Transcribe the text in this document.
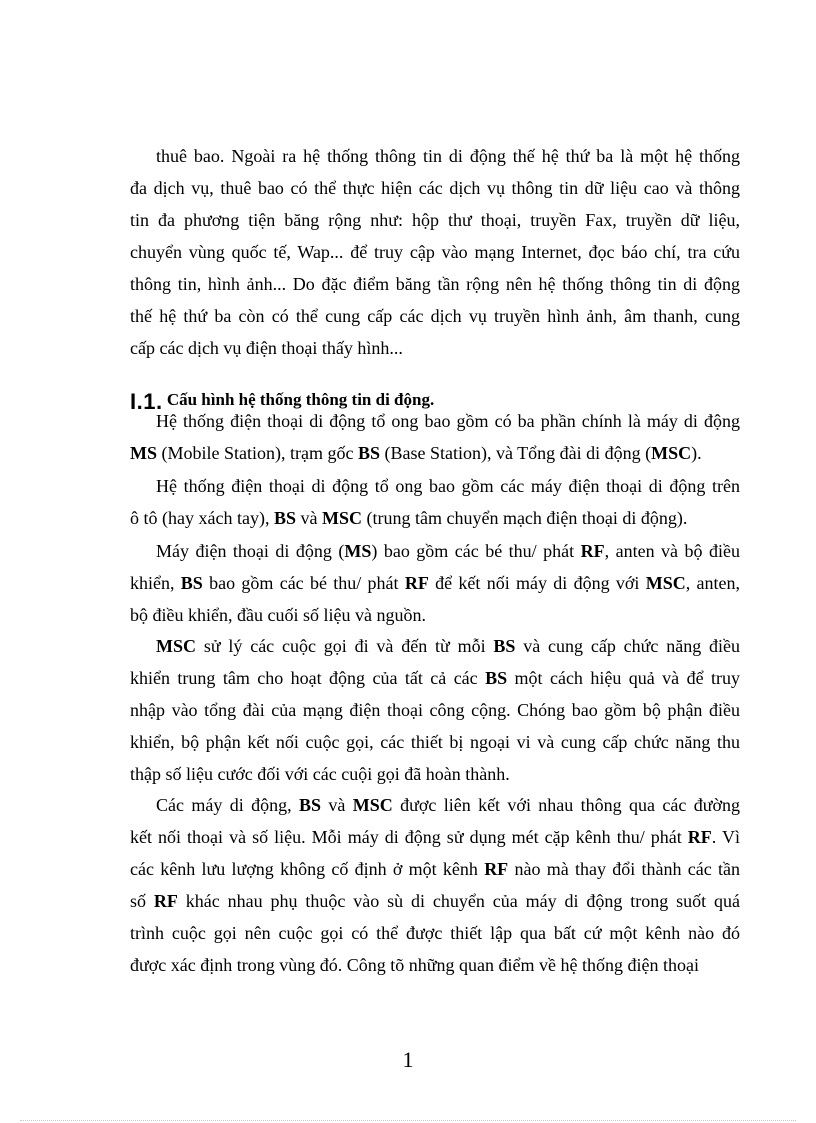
thuê bao. Ngoài ra hệ thống thông tin di động thế hệ thứ ba là một hệ thống
đa dịch vụ, thuê bao có thể thực hiện các dịch vụ thông tin dữ liệu cao và thông
tin đa phương tiện băng rộng như: hộp thư thoại, truyền Fax, truyền dữ liệu,
chuyển vùng quốc tế, Wap... để truy cập vào mạng Internet, đọc báo chí, tra cứu
thông tin, hình ảnh... Do đặc điểm băng tần rộng nên hệ thống thông tin di động
thế hệ thứ ba còn có thể cung cấp các dịch vụ truyền hình ảnh, âm thanh, cung
cấp các dịch vụ điện thoại thấy hình...
I.1. Cấu hình hệ thống thông tin di động.
Hệ thống điện thoại di động tổ ong bao gồm có ba phần chính là máy di động
MS (Mobile Station), trạm gốc BS (Base Station), và Tổng đài di động (MSC).
Hệ thống điện thoại di động tổ ong bao gồm các máy điện thoại di động trên
ô tô (hay xách tay), BS và MSC (trung tâm chuyển mạch điện thoại di động).
Máy điện thoại di động (MS) bao gồm các bé thu/ phát RF, anten và bộ điều
khiển, BS bao gồm các bé thu/ phát RF để kết nối máy di động với MSC, anten,
bộ điều khiển, đầu cuối số liệu và nguồn.
MSC sử lý các cuộc gọi đi và đến từ mỗi BS và cung cấp chức năng điều
khiển trung tâm cho hoạt động của tất cả các BS một cách hiệu quả và để truy
nhập vào tổng đài của mạng điện thoại công cộng. Chóng bao gồm bộ phận điều
khiển, bộ phận kết nối cuộc gọi, các thiết bị ngoại vi và cung cấp chức năng thu
thập số liệu cước đối với các cuội gọi đã hoàn thành.
Các máy di động, BS và MSC được liên kết với nhau thông qua các đường
kết nối thoại và số liệu. Mỗi máy di động sử dụng mét cặp kênh thu/ phát RF. Vì
các kênh lưu lượng không cố định ở một kênh RF nào mà thay đổi thành các tần
số RF khác nhau phụ thuộc vào sù di chuyển của máy di động trong suốt quá
trình cuộc gọi nên cuộc gọi có thể được thiết lập qua bất cứ một kênh nào đó
được xác định trong vùng đó. Công tõ những quan điểm về hệ thống điện thoại
1
